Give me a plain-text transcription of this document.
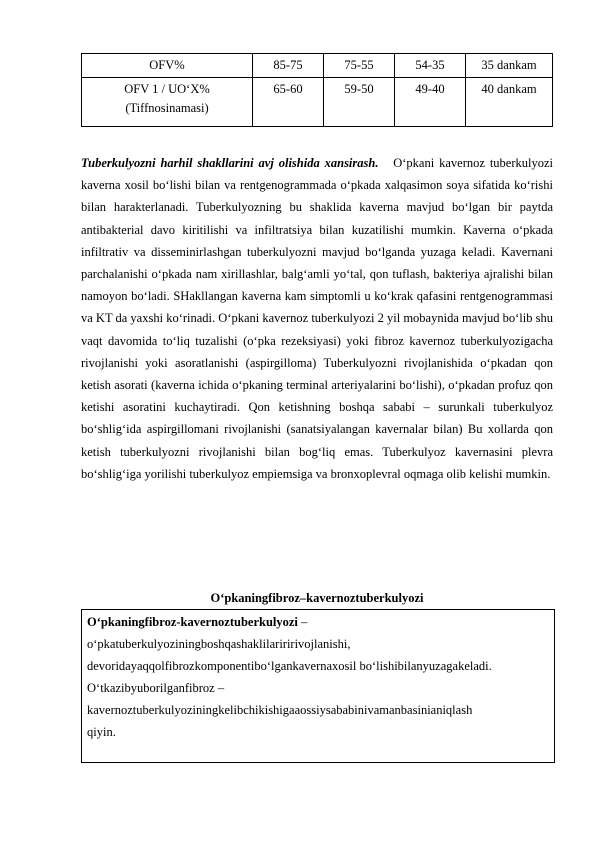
OFV%	85-75	75-55	54-35	35 dankam

OFV 1 / UO‘X%
(Tiffnosinamasi)	65-60	59-50	49-40	40 dankam

Tuberkulyozni harhil shakllarini avj olishida xansirash. O‘pkani kavernoz tuberkulyozi kaverna xosil bo‘lishi bilan va rentgenogrammada o‘pkada xalqasimon soya sifatida ko‘rishi bilan harakterlanadi. Tuberkulyozning bu shaklida kaverna mavjud bo‘lgan bir paytda antibakterial davo kiritilishi va infiltratsiya bilan kuzatilishi mumkin. Kaverna o‘pkada infiltrativ va disseminirlashgan tuberkulyozni mavjud bo‘lganda yuzaga keladi. Kavernani parchalanishi o‘pkada nam xirillashlar, balg‘amli yo‘tal, qon tuflash, bakteriya ajralishi bilan namoyon bo‘ladi. SHakllangan kaverna kam simptomli u ko‘krak qafasini rentgenogrammasi va KT da yaxshi ko‘rinadi. O‘pkani kavernoz tuberkulyozi 2 yil mobaynida mavjud bo‘lib shu vaqt davomida to‘liq tuzalishi (o‘pka rezeksiyasi) yoki fibroz kavernoz tuberkulyozigacha rivojlanishi yoki asoratlanishi (aspirgilloma) Tuberkulyozni rivojlanishida o‘pkadan qon ketish asorati (kaverna ichida o‘pkaning terminal arteriyalarini bo‘lishi), o‘pkadan profuz qon ketishi asoratini kuchaytiradi. Qon ketishning boshqa sababi – surunkali tuberkulyoz bo‘shlig‘ida aspirgillomani rivojlanishi (sanatsiyalangan kavernalar bilan) Bu xollarda qon ketish tuberkulyozni rivojlanishi bilan bog‘liq emas. Tuberkulyoz kavernasini plevra bo‘shlig‘iga yorilishi tuberkulyoz empiemsiga va bronxoplevral oqmaga olib kelishi mumkin.

O‘pkaningfibroz–kavernoztuberkulyozi

O‘pkaningfibroz-kavernoztuberkulyozi –
o‘pkatuberkulyoziningboshqashaklilariririvojlanishi,
devoridayaqqolfibrozkomponentibo‘lgankavernaxosil bo‘lishibilanyuzagakeladi.
O‘tkazibyuborilganfibroz –
kavernoztuberkulyoziningkelibchikishigaaossiysababinivamanbasinianiqlash
qiyin.
